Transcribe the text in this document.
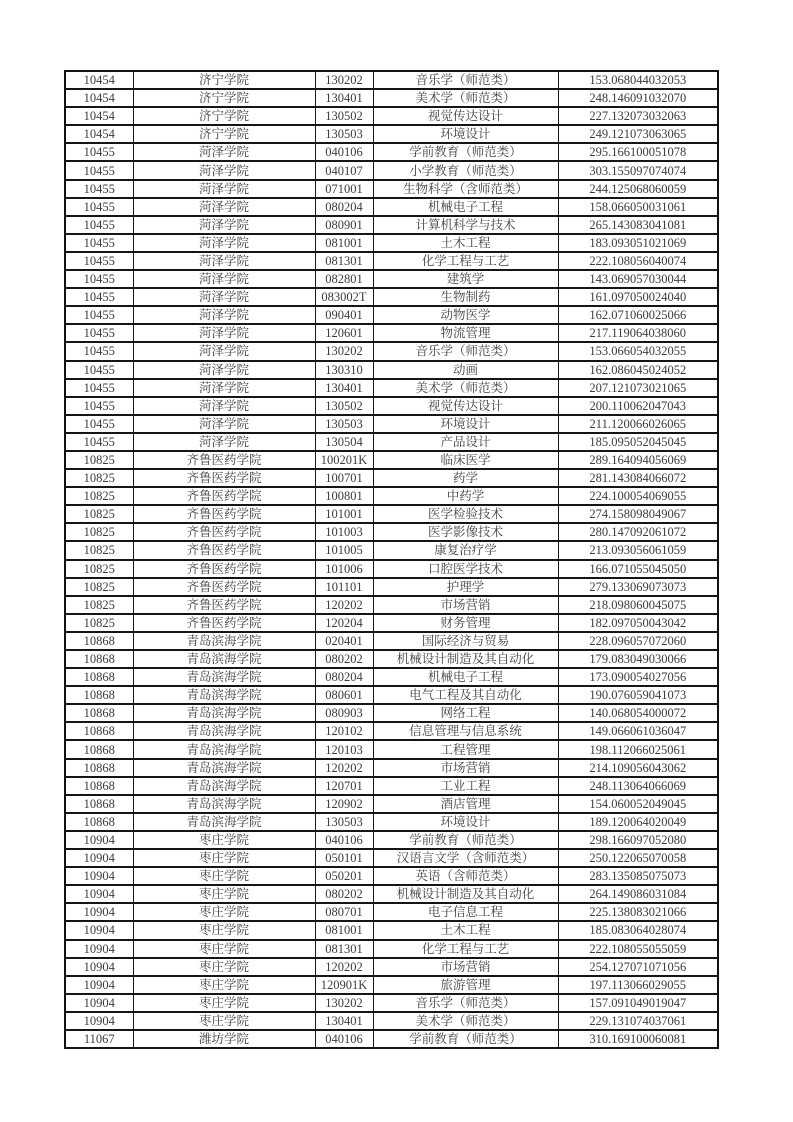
10454	济宁学院	130202	音乐学（师范类）	153.068044032053
10454	济宁学院	130401	美术学（师范类）	248.146091032070
10454	济宁学院	130502	视觉传达设计	227.132073032063
10454	济宁学院	130503	环境设计	249.121073063065
10455	菏泽学院	040106	学前教育（师范类）	295.166100051078
10455	菏泽学院	040107	小学教育（师范类）	303.155097074074
10455	菏泽学院	071001	生物科学（含师范类）	244.125068060059
10455	菏泽学院	080204	机械电子工程	158.066050031061
10455	菏泽学院	080901	计算机科学与技术	265.143083041081
10455	菏泽学院	081001	土木工程	183.093051021069
10455	菏泽学院	081301	化学工程与工艺	222.108056040074
10455	菏泽学院	082801	建筑学	143.069057030044
10455	菏泽学院	083002T	生物制药	161.097050024040
10455	菏泽学院	090401	动物医学	162.071060025066
10455	菏泽学院	120601	物流管理	217.119064038060
10455	菏泽学院	130202	音乐学（师范类）	153.066054032055
10455	菏泽学院	130310	动画	162.086045024052
10455	菏泽学院	130401	美术学（师范类）	207.121073021065
10455	菏泽学院	130502	视觉传达设计	200.110062047043
10455	菏泽学院	130503	环境设计	211.120066026065
10455	菏泽学院	130504	产品设计	185.095052045045
10825	齐鲁医药学院	100201K	临床医学	289.164094056069
10825	齐鲁医药学院	100701	药学	281.143084066072
10825	齐鲁医药学院	100801	中药学	224.100054069055
10825	齐鲁医药学院	101001	医学检验技术	274.158098049067
10825	齐鲁医药学院	101003	医学影像技术	280.147092061072
10825	齐鲁医药学院	101005	康复治疗学	213.093056061059
10825	齐鲁医药学院	101006	口腔医学技术	166.071055045050
10825	齐鲁医药学院	101101	护理学	279.133069073073
10825	齐鲁医药学院	120202	市场营销	218.098060045075
10825	齐鲁医药学院	120204	财务管理	182.097050043042
10868	青岛滨海学院	020401	国际经济与贸易	228.096057072060
10868	青岛滨海学院	080202	机械设计制造及其自动化	179.083049030066
10868	青岛滨海学院	080204	机械电子工程	173.090054027056
10868	青岛滨海学院	080601	电气工程及其自动化	190.076059041073
10868	青岛滨海学院	080903	网络工程	140.068054000072
10868	青岛滨海学院	120102	信息管理与信息系统	149.066061036047
10868	青岛滨海学院	120103	工程管理	198.112066025061
10868	青岛滨海学院	120202	市场营销	214.109056043062
10868	青岛滨海学院	120701	工业工程	248.113064066069
10868	青岛滨海学院	120902	酒店管理	154.060052049045
10868	青岛滨海学院	130503	环境设计	189.120064020049
10904	枣庄学院	040106	学前教育（师范类）	298.166097052080
10904	枣庄学院	050101	汉语言文学（含师范类）	250.122065070058
10904	枣庄学院	050201	英语（含师范类）	283.135085075073
10904	枣庄学院	080202	机械设计制造及其自动化	264.149086031084
10904	枣庄学院	080701	电子信息工程	225.138083021066
10904	枣庄学院	081001	土木工程	185.083064028074
10904	枣庄学院	081301	化学工程与工艺	222.108055055059
10904	枣庄学院	120202	市场营销	254.127071071056
10904	枣庄学院	120901K	旅游管理	197.113066029055
10904	枣庄学院	130202	音乐学（师范类）	157.091049019047
10904	枣庄学院	130401	美术学（师范类）	229.131074037061
11067	潍坊学院	040106	学前教育（师范类）	310.169100060081
